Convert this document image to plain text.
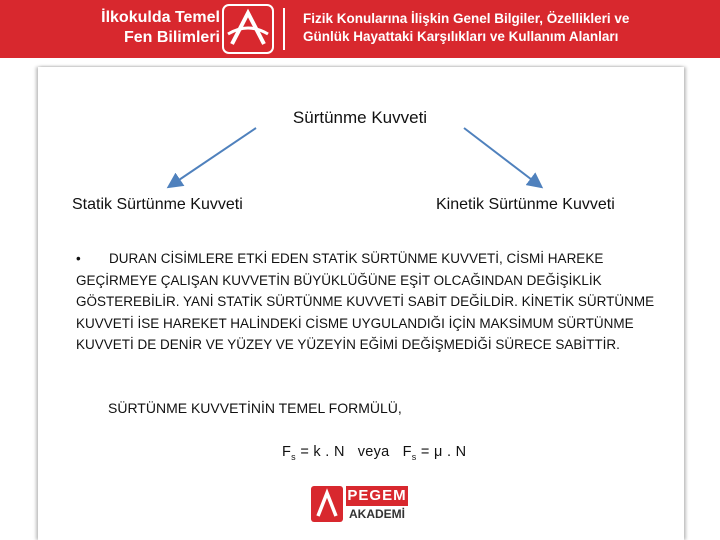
İlkokulda Temel
Fen Bilimleri
Fizik Konularına İlişkin Genel Bilgiler, Özellikleri ve
Günlük Hayattaki Karşılıkları ve Kullanım Alanları
Sürtünme Kuvveti
Statik Sürtünme Kuvveti	Kinetik Sürtünme Kuvveti
• DURAN CİSİMLERE ETKİ EDEN STATİK SÜRTÜNME KUVVETİ, CİSMİ HAREKE GEÇİRMEYE ÇALIŞAN KUVVETİN BÜYÜKLÜĞÜNE EŞİT OLCAĞINDAN DEĞİŞİKLİK GÖSTEREBİLİR. YANİ STATİK SÜRTÜNME KUVVETİ SABİT DEĞİLDİR. KİNETİK SÜRTÜNME KUVVETİ İSE HAREKET HALİNDEKİ CİSME UYGULANDIĞI İÇİN MAKSİMUM SÜRTÜNME KUVVETİ DE DENİR VE YÜZEY VE YÜZEYİN EĞİMİ DEĞİŞMEDİĞİ SÜRECE SABİTTİR.
SÜRTÜNME KUVVETİNİN TEMEL FORMÜLÜ,
$F_s = k$ . N veya $F_s = \mu$ . N
PEGEM
AKADEMİ
